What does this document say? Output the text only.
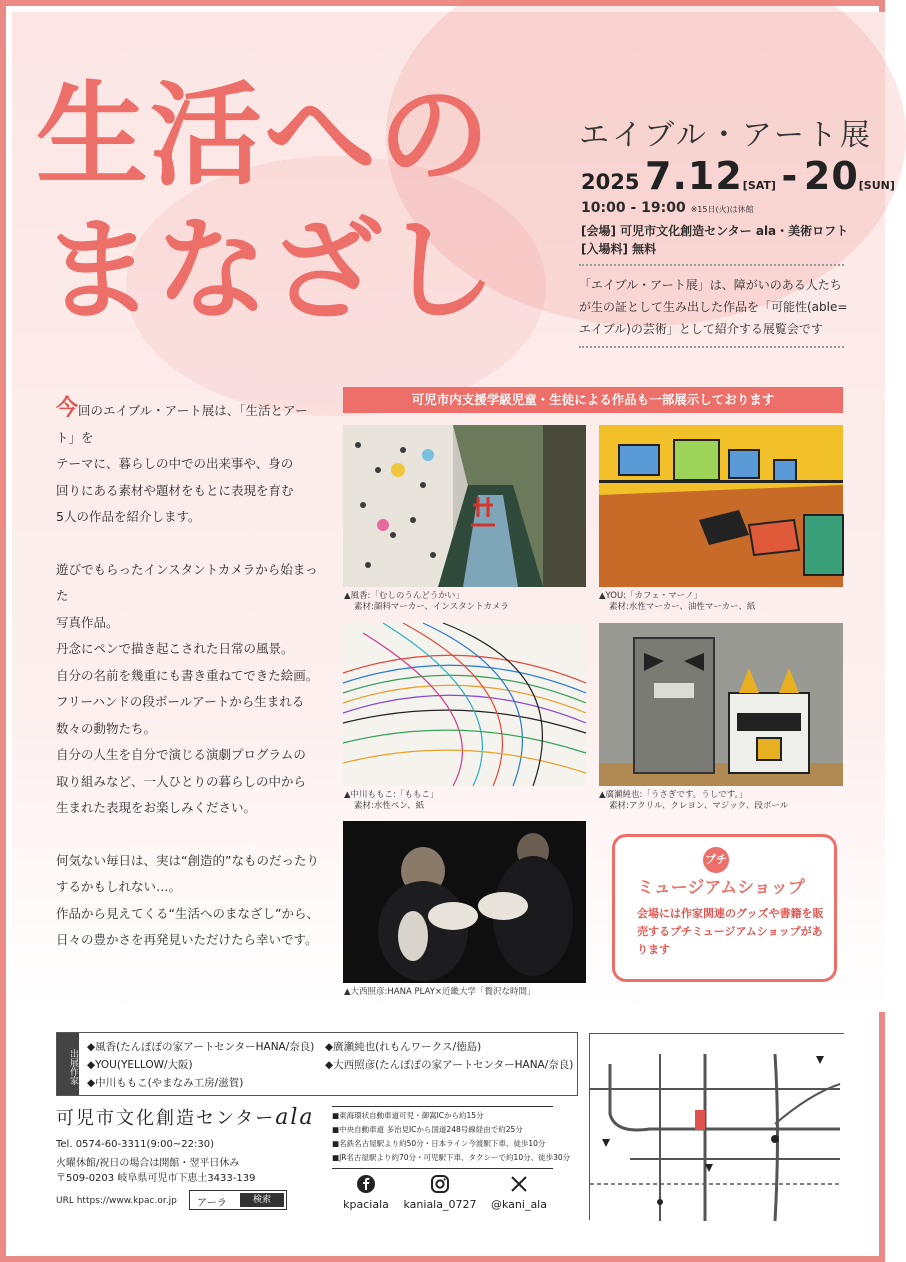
生活への
まなざし
エイブル・アート展
2025 7.12[SAT] - 20[SUN]
10:00 - 19:00 ※15日(火)は休館
[会場] 可児市文化創造センター ala・美術ロフト
[入場料] 無料
「エイブル・アート展」は、障がいのある人たちが生の証として生み出した作品を「可能性(able=エイブル)の芸術」として紹介する展覧会です

今回のエイブル・アート展は、「生活とアート」を
テーマに、暮らしの中での出来事や、身の
回りにある素材や題材をもとに表現を育む
5人の作品を紹介します。

遊びでもらったインスタントカメラから始まった
写真作品。
丹念にペンで描き起こされた日常の風景。
自分の名前を幾重にも書き重ねてできた絵画。
フリーハンドの段ボールアートから生まれる
数々の動物たち。
自分の人生を自分で演じる演劇プログラムの
取り組みなど、一人ひとりの暮らしの中から
生まれた表現をお楽しみください。

何気ない毎日は、実は“創造的”なものだったり
するかもしれない…。
作品から見えてくる“生活へのまなざし”から、
日々の豊かさを再発見いただけたら幸いです。

可児市内支援学級児童・生徒による作品も一部展示しております
▲風香:「むしのうんどうかい」
素材:顔料マーカー、インスタントカメラ
▲YOU:「カフェ・マーノ」
素材:水性マーカー、油性マーカー、紙
▲中川ももこ:「ももこ」
素材:水性ペン、紙
▲廣瀬純也:「うさぎです。うしです。」
素材:アクリル、クレヨン、マジック、段ボール
▲大西照彦:HANA PLAY×近畿大学「贅沢な時間」
プチ
ミュージアムショップ
会場には作家関連のグッズや書籍を販売するプチミュージアムショップがあります
出展作家
◆風香(たんぽぽの家アートセンターHANA/奈良)
◆YOU(YELLOW/大阪)
◆中川ももこ(やまなみ工房/滋賀)
◆廣瀬純也(れもんワークス/徳島)
◆大西照彦(たんぽぽの家アートセンターHANA/奈良)
可児市文化創造センターala
Tel. 0574-60-3311(9:00~22:30)
火曜休館/祝日の場合は開館・翌平日休み
〒509-0203 岐阜県可児市下恵土3433-139
URL https://www.kpac.or.jp アーラ	検索
■東海環状自動車道可児・御嵩ICから約15分
■中央自動車道 多治見ICから国道248号線経由で約25分
■名鉄名古屋駅より約50分・日本ライン今渡駅下車、徒歩10分
■JR名古屋駅より約70分・可児駅下車、タクシーで約10分、徒歩30分
kpaciala	kaniala_0727	@kani_ala
